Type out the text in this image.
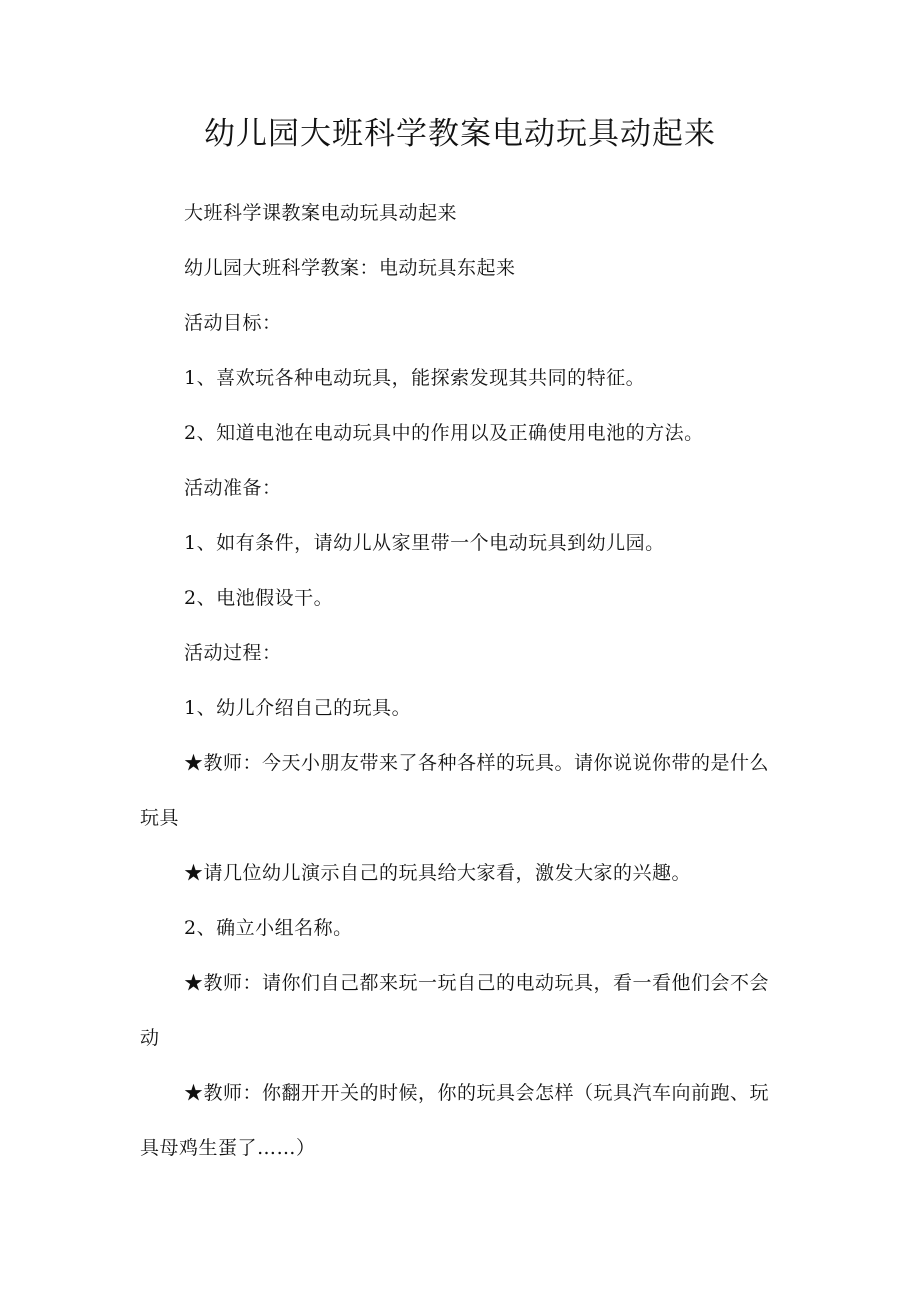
幼儿园大班科学教案电动玩具动起来

大班科学课教案电动玩具动起来

幼儿园大班科学教案：电动玩具东起来

活动目标：

1、喜欢玩各种电动玩具，能探索发现其共同的特征。

2、知道电池在电动玩具中的作用以及正确使用电池的方法。

活动准备：

1、如有条件，请幼儿从家里带一个电动玩具到幼儿园。

2、电池假设干。

活动过程：

1、幼儿介绍自己的玩具。

★教师：今天小朋友带来了各种各样的玩具。请你说说你带的是什么玩具

★请几位幼儿演示自己的玩具给大家看，激发大家的兴趣。

2、确立小组名称。

★教师：请你们自己都来玩一玩自己的电动玩具，看一看他们会不会动

★教师：你翻开开关的时候，你的玩具会怎样（玩具汽车向前跑、玩具母鸡生蛋了……）
